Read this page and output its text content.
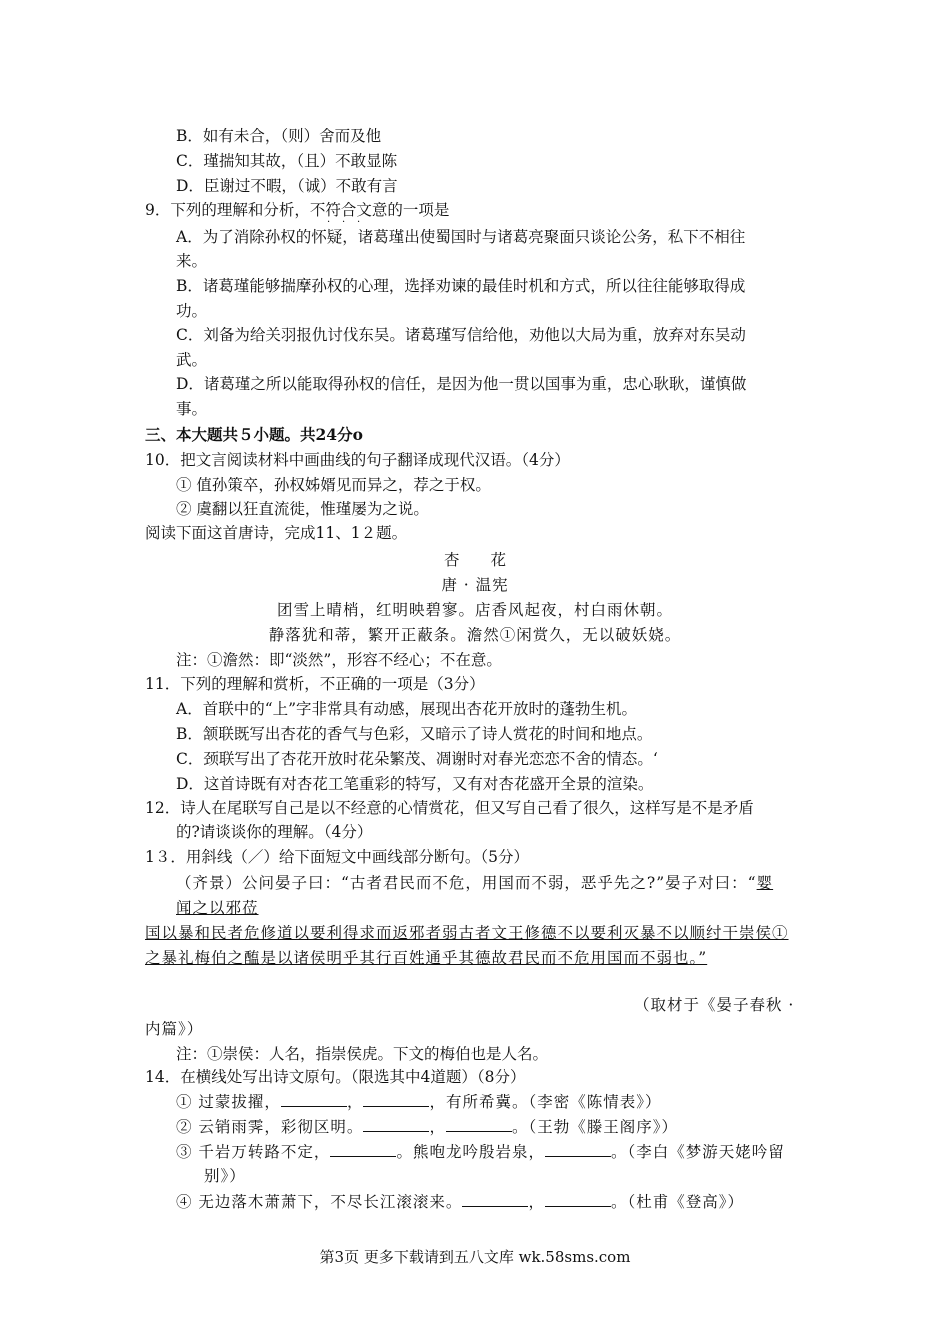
B．如有未合，（则）舍而及他
C．瑾揣知其故，（且）不敢显陈
D．臣谢过不暇，（诚）不敢有言
9．下列的理解和分析，不符合文意的一项是
· · ·
A．为了消除孙权的怀疑，诸葛瑾出使蜀国时与诸葛亮聚面只谈论公务，私下不相往
来。
B．诸葛瑾能够揣摩孙权的心理，选择劝谏的最佳时机和方式，所以往往能够取得成
功。
C．刘备为给关羽报仇讨伐东吴。诸葛瑾写信给他，劝他以大局为重，放弃对东吴动
武。
D．诸葛瑾之所以能取得孙权的信任，是因为他一贯以国事为重，忠心耿耿，谨慎做
事。
三、本大题共５小题。共24分ο
10．把文言阅读材料中画曲线的句子翻译成现代汉语。（4分）
① 值孙策卒，孙权姊婿见而异之，荐之于权。
② 虞翻以狂直流徙，惟瑾屡为之说。
阅读下面这首唐诗，完成11、1２题。
杏　　花
唐 · 温宪
团雪上晴梢，红明映碧寥。店香风起夜，村白雨休朝。
静落犹和蒂，繁开正蔽条。澹然①闲赏久，无以破妖娆。
注：①澹然：即“淡然”，形容不经心；不在意。
11．下列的理解和赏析，不正确的一项是（3分）
A．首联中的“上”字非常具有动感，展现出杏花开放时的蓬勃生机。
B．颔联既写出杏花的香气与色彩，又暗示了诗人赏花的时间和地点。
C．颈联写出了杏花开放时花朵繁茂、凋谢时对春光恋恋不舍的情态。‘
D．这首诗既有对杏花工笔重彩的特写，又有对杏花盛开全景的渲染。
12．诗人在尾联写自己是以不经意的心情赏花，但又写自己看了很久，这样写是不是矛盾
的?请谈谈你的理解。（4分）
1３．用斜线（／）给下面短文中画线部分断句。（5分）
（齐景）公问晏子曰：“古者君民而不危，用国而不弱，恶乎先之?”晏子对曰：“婴
闻之以邪莅
国以暴和民者危修道以要利得求而返邪者弱古者文王修德不以要利灭暴不以顺纣干崇侯①
之暴礼梅伯之醢是以诸侯明乎其行百姓通乎其德故君民而不危用国而不弱也。”
（取材于《晏子春秋 ·
内篇》）
注：①崇侯：人名，指崇侯虎。下文的梅伯也是人名。
14．在横线处写出诗文原句。（限选其中4道题）（8分）
① 过蒙拔擢，	，	，有所希冀。（李密《陈情表》）
② 云销雨霁，彩彻区明。	，	。（王勃《滕王阁序》）
③ 千岩万转路不定，	。熊咆龙吟殷岩泉，	。（李白《梦游天姥吟留
别》）
④ 无边落木萧萧下，不尽长江滚滚来。	，	。（杜甫《登高》）
第3页 更多下载请到五八文库 wk.58sms.com
